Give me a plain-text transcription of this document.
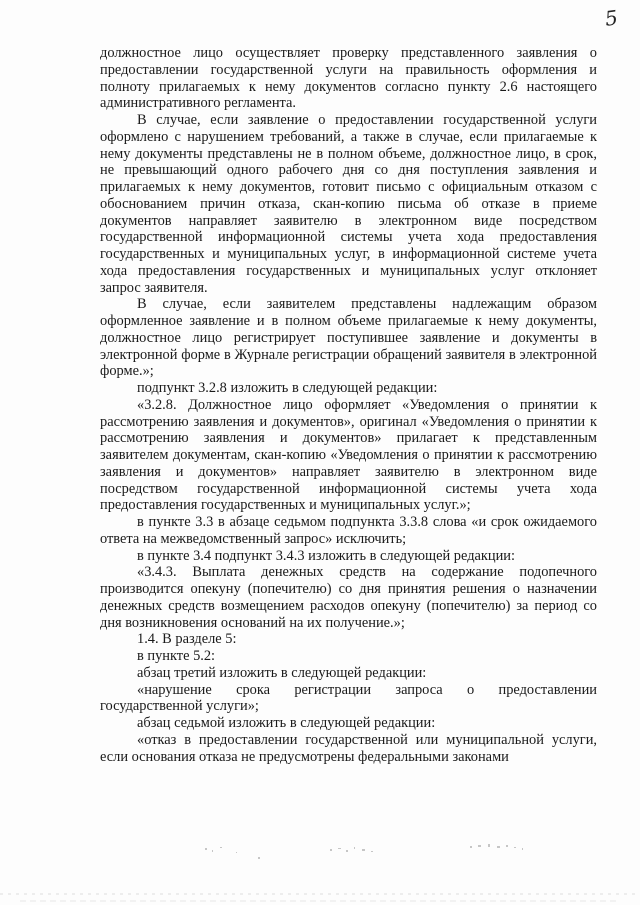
5

должностное лицо осуществляет проверку представленного заявления о предоставлении государственной услуги на правильность оформления и полноту прилагаемых к нему документов согласно пункту 2.6 настоящего административного регламента.

В случае, если заявление о предоставлении государственной услуги оформлено с нарушением требований, а также в случае, если прилагаемые к нему документы представлены не в полном объеме, должностное лицо, в срок, не превышающий одного рабочего дня со дня поступления заявления и прилагаемых к нему документов, готовит письмо с официальным отказом с обоснованием причин отказа, скан-копию письма об отказе в приеме документов направляет заявителю в электронном виде посредством государственной информационной системы учета хода предоставления государственных и муниципальных услуг, в информационной системе учета хода предоставления государственных и муниципальных услуг отклоняет запрос заявителя.

В случае, если заявителем представлены надлежащим образом оформленное заявление и в полном объеме прилагаемые к нему документы, должностное лицо регистрирует поступившее заявление и документы в электронной форме в Журнале регистрации обращений заявителя в электронной форме.»;

подпункт 3.2.8 изложить в следующей редакции:

«3.2.8. Должностное лицо оформляет «Уведомления о принятии к рассмотрению заявления и документов», оригинал «Уведомления о принятии к рассмотрению заявления и документов» прилагает к представленным заявителем документам, скан-копию «Уведомления о принятии к рассмотрению заявления и документов» направляет заявителю в электронном виде посредством государственной информационной системы учета хода предоставления государственных и муниципальных услуг.»;

в пункте 3.3 в абзаце седьмом подпункта 3.3.8 слова «и срок ожидаемого ответа на межведомственный запрос» исключить;

в пункте 3.4 подпункт 3.4.3 изложить в следующей редакции:

«3.4.3. Выплата денежных средств на содержание подопечного производится опекуну (попечителю) со дня принятия решения о назначении денежных средств возмещением расходов опекуну (попечителю) за период со дня возникновения оснований на их получение.»;

1.4. В разделе 5:

в пункте 5.2:

абзац третий изложить в следующей редакции:

«нарушение срока регистрации запроса о предоставлении государственной услуги»;

абзац седьмой изложить в следующей редакции:

«отказ в предоставлении государственной или муниципальной услуги, если основания отказа не предусмотрены федеральными законами
